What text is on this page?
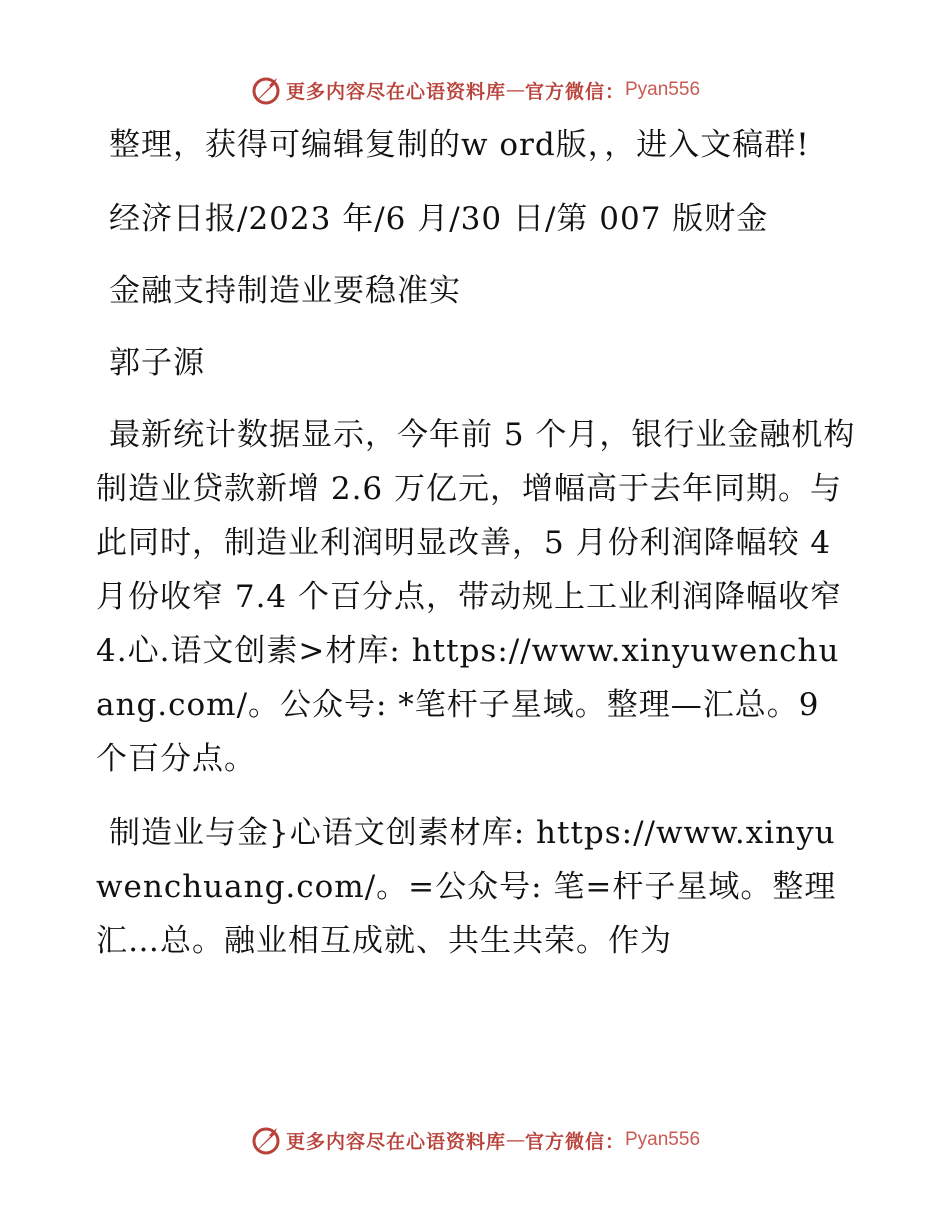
更多内容尽在心语资料库 — 官方微信： Pyan556

整理，获得可编辑复制的w ord版，，进入文稿群!

经济日报/2023 年/6 月/30 日/第 007 版财金

金融支持制造业要稳准实

郭子源

最新统计数据显示，今年前 5 个月，银行业金融机构制造业贷款新增 2.6 万亿元，增幅高于去年同期。与此同时，制造业利润明显改善，5 月份利润降幅较 4 月份收窄 7.4 个百分点，带动规上工业利润降幅收窄 4.心.语文创素>材库: https://www.xinyuwenchuang.com/。公众号: *笔杆子星域。整理—汇总。9 个百分点。

制造业与金}心语文创素材库: https://www.xinyuwenchuang.com/。=公众号: 笔=杆子星域。整理汇…总。融业相互成就、共生共荣。作为

更多内容尽在心语资料库 — 官方微信： Pyan556
